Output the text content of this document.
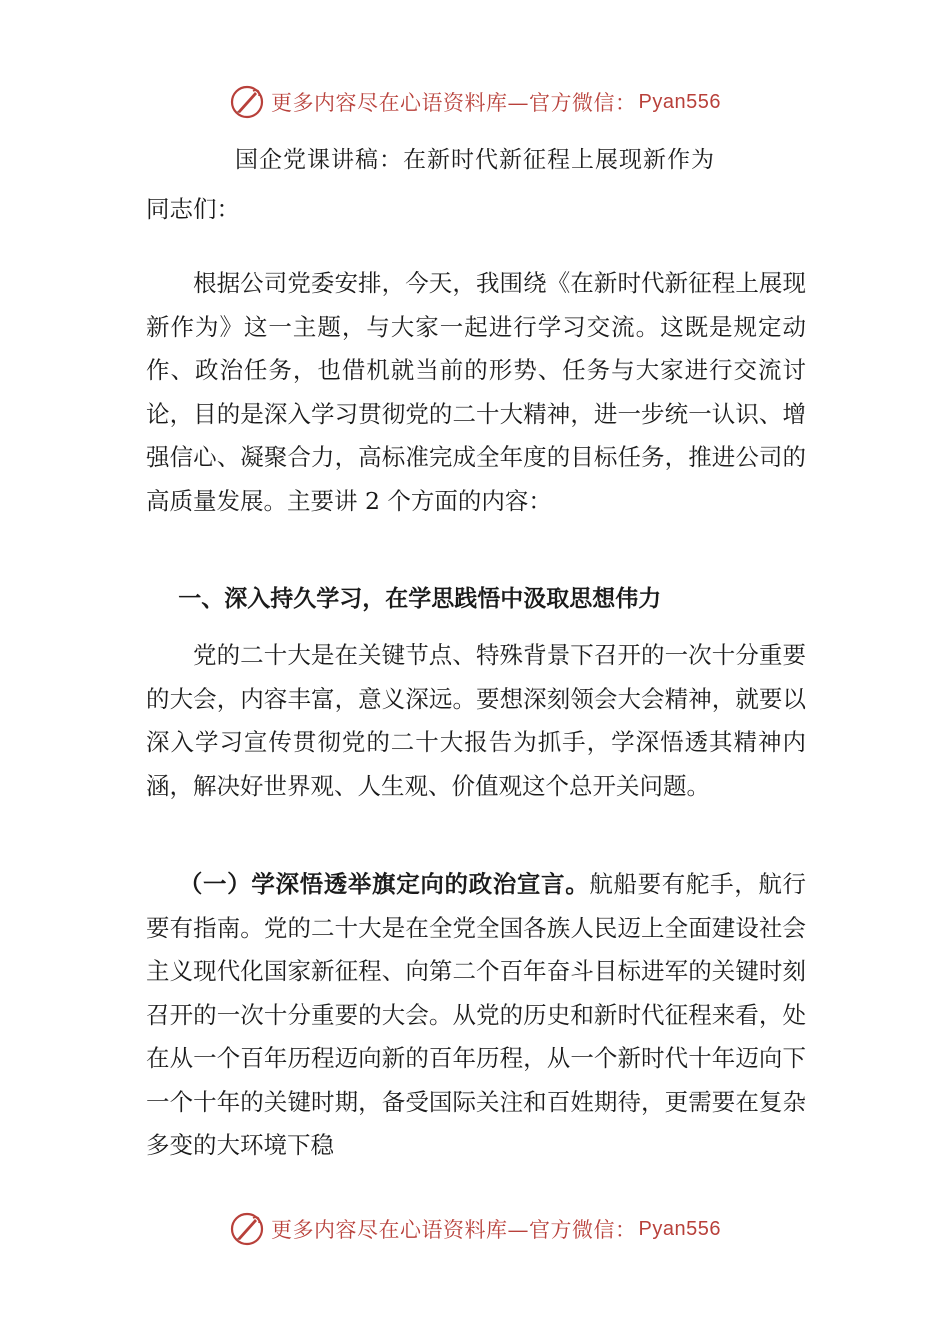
更多内容尽在心语资料库—官方微信： Pyan556
国企党课讲稿：在新时代新征程上展现新作为
同志们：
根据公司党委安排，今天，我围绕《在新时代新征程上展现新作为》这一主题，与大家一起进行学习交流。这既是规定动作、政治任务，也借机就当前的形势、任务与大家进行交流讨论，目的是深入学习贯彻党的二十大精神，进一步统一认识、增强信心、凝聚合力，高标准完成全年度的目标任务，推进公司的高质量发展。主要讲 2 个方面的内容：
一、深入持久学习，在学思践悟中汲取思想伟力
党的二十大是在关键节点、特殊背景下召开的一次十分重要的大会，内容丰富，意义深远。要想深刻领会大会精神，就要以深入学习宣传贯彻党的二十大报告为抓手，学深悟透其精神内涵，解决好世界观、人生观、价值观这个总开关问题。
（一）学深悟透举旗定向的政治宣言。航船要有舵手，航行要有指南。党的二十大是在全党全国各族人民迈上全面建设社会主义现代化国家新征程、向第二个百年奋斗目标进军的关键时刻召开的一次十分重要的大会。从党的历史和新时代征程来看，处在从一个百年历程迈向新的百年历程，从一个新时代十年迈向下一个十年的关键时期，备受国际关注和百姓期待，更需要在复杂多变的大环境下稳
更多内容尽在心语资料库—官方微信： Pyan556
